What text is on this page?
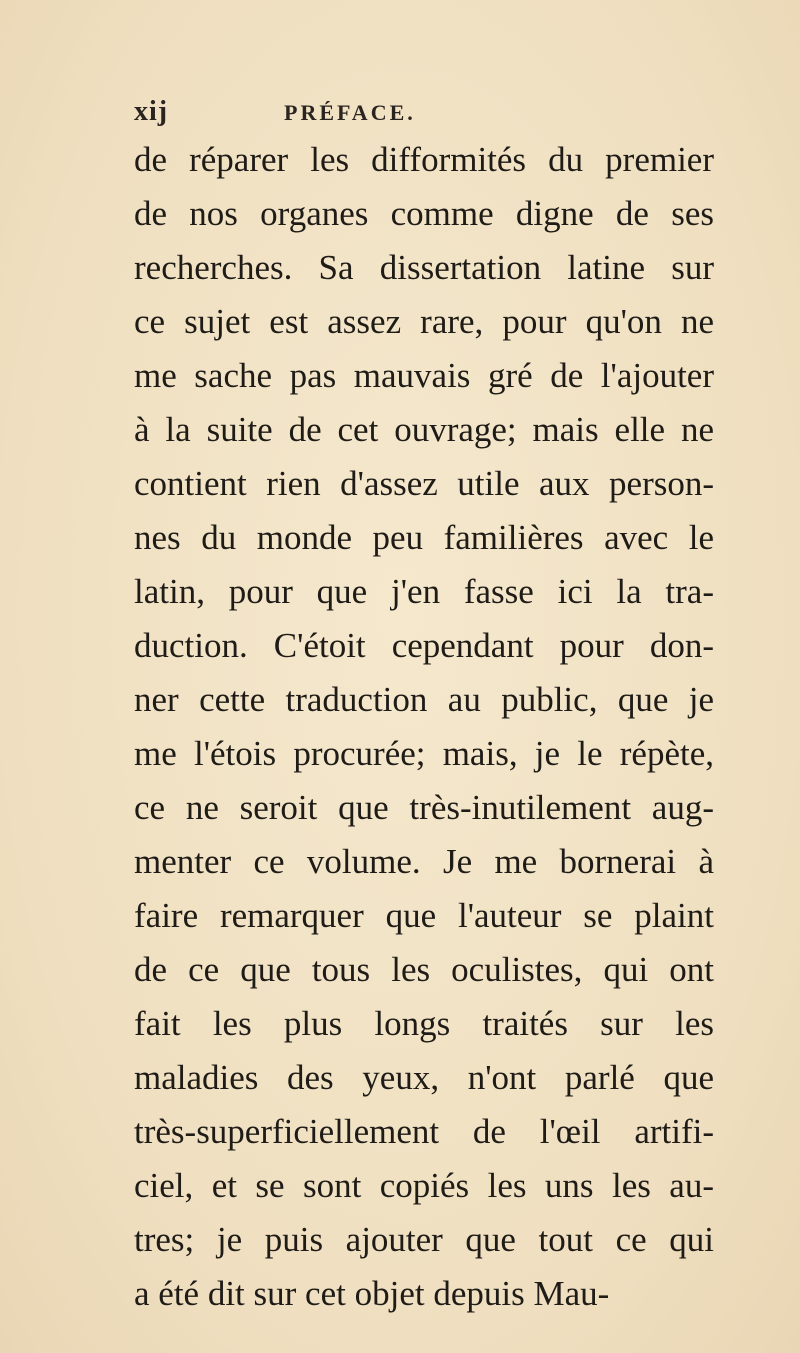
xij	PRÉFACE.
de réparer les difformités du premier
de nos organes comme digne de ses
recherches. Sa dissertation latine sur
ce sujet est assez rare, pour qu'on ne
me sache pas mauvais gré de l'ajouter
à la suite de cet ouvrage; mais elle ne
contient rien d'assez utile aux person-
nes du monde peu familières avec le
latin, pour que j'en fasse ici la tra-
duction. C'étoit cependant pour don-
ner cette traduction au public, que je
me l'étois procurée; mais, je le répète,
ce ne seroit que très-inutilement aug-
menter ce volume. Je me bornerai à
faire remarquer que l'auteur se plaint
de ce que tous les oculistes, qui ont
fait les plus longs traités sur les
maladies des yeux, n'ont parlé que
très-superficiellement de l'œil artifi-
ciel, et se sont copiés les uns les au-
tres; je puis ajouter que tout ce qui
a été dit sur cet objet depuis Mau-
